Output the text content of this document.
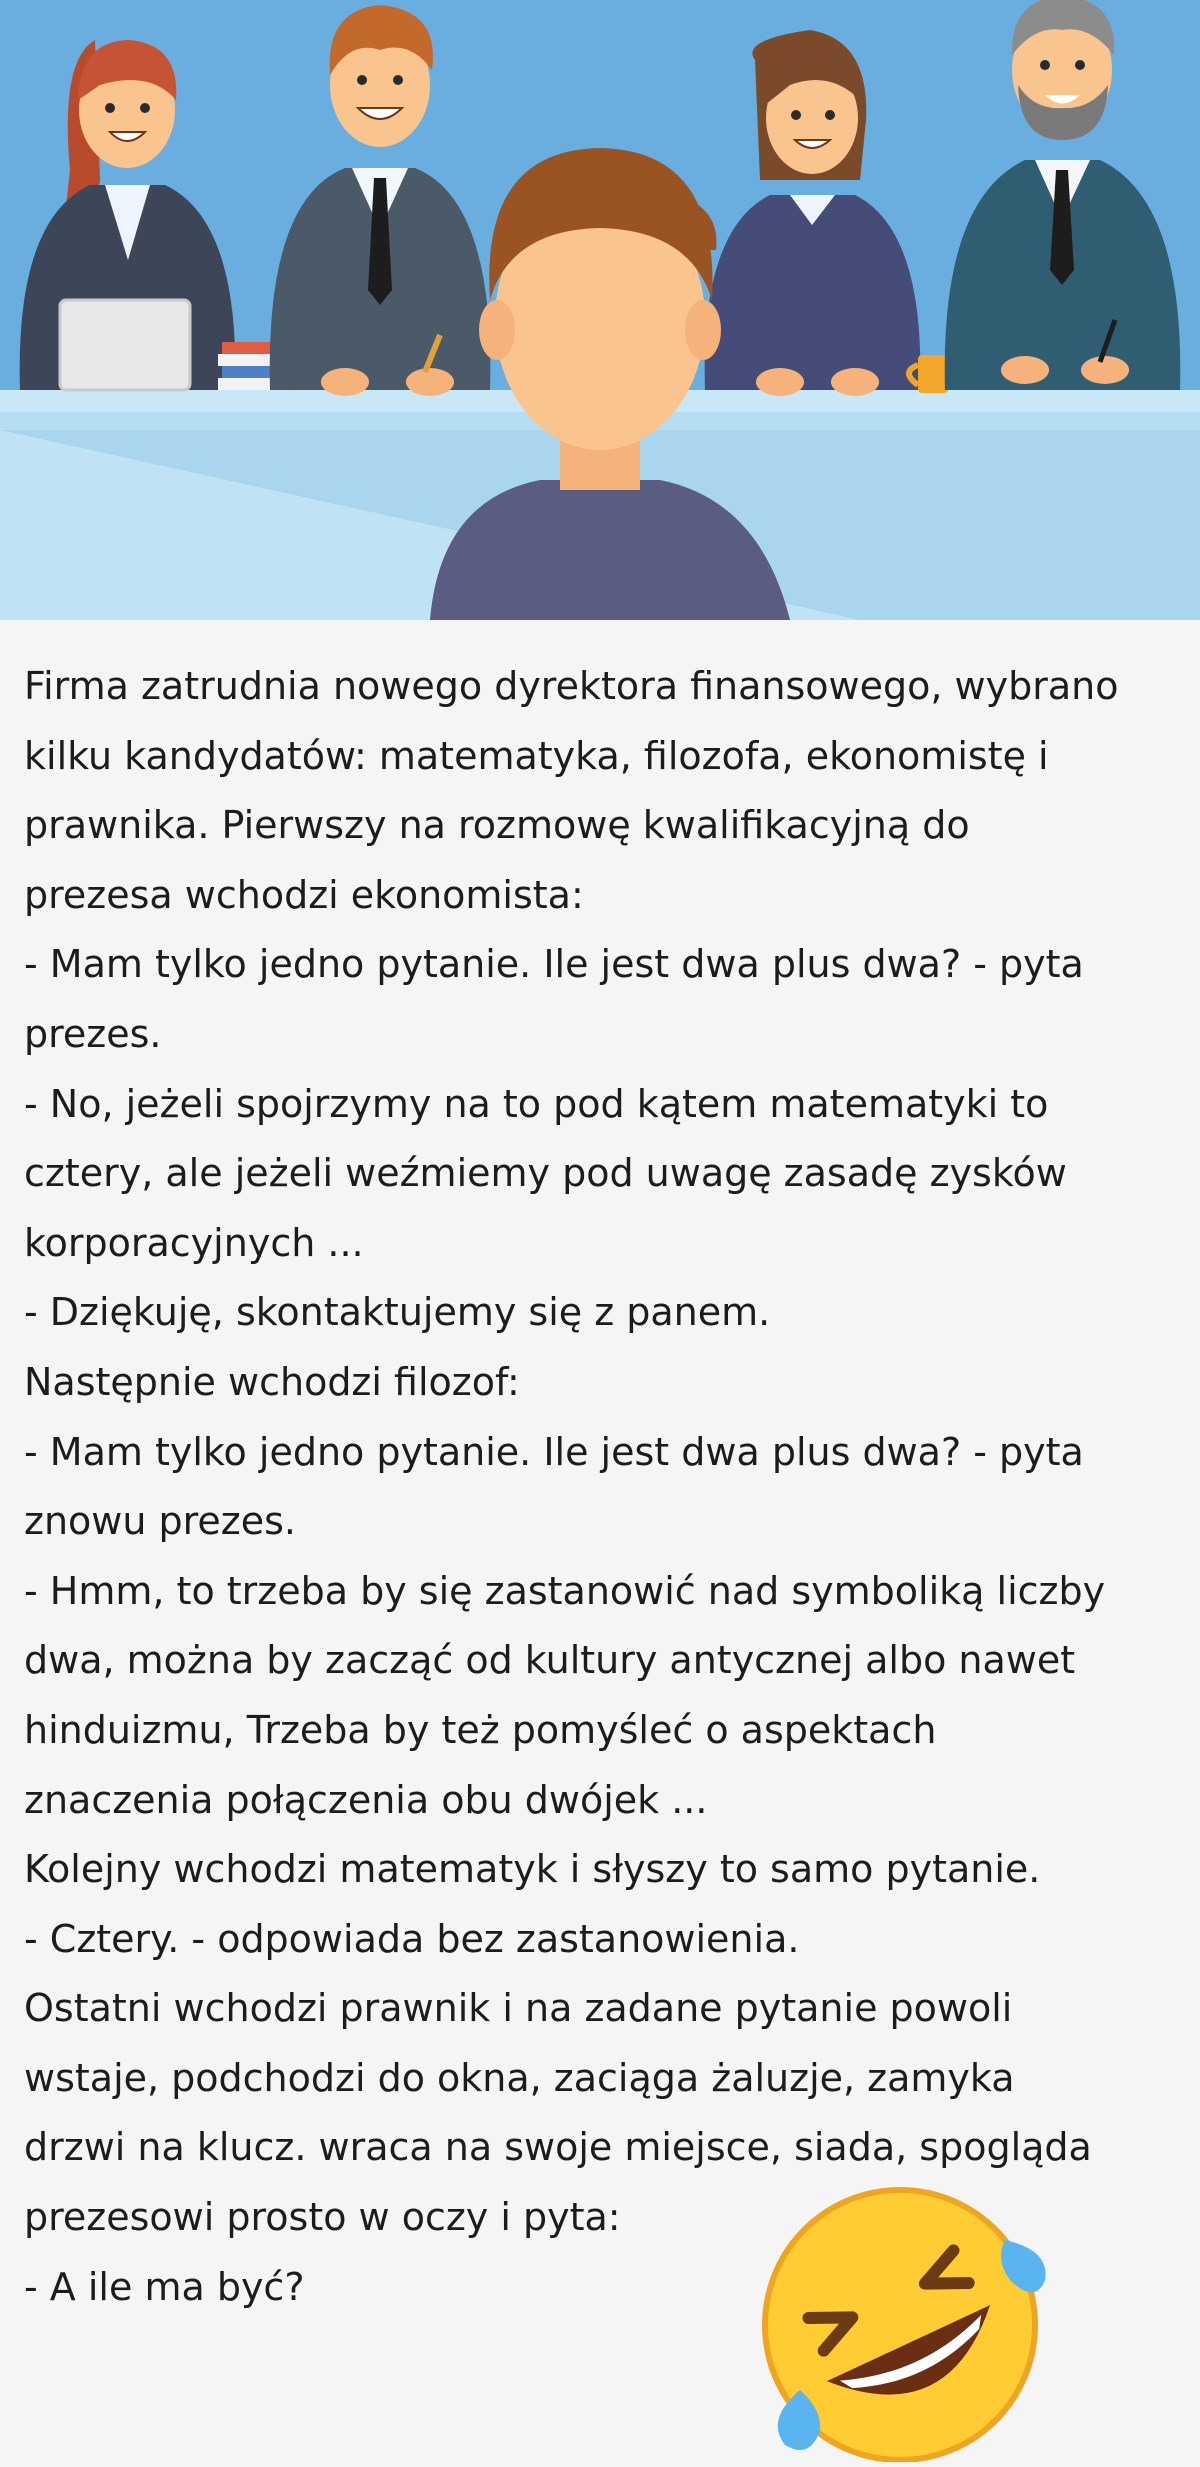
Firma zatrudnia nowego dyrektora finansowego, wybrano
kilku kandydatów: matematyka, filozofa, ekonomistę i
prawnika. Pierwszy na rozmowę kwalifikacyjną do
prezesa wchodzi ekonomista:
- Mam tylko jedno pytanie. Ile jest dwa plus dwa? - pyta
prezes.
- No, jeżeli spojrzymy na to pod kątem matematyki to
cztery, ale jeżeli weźmiemy pod uwagę zasadę zysków
korporacyjnych ...
- Dziękuję, skontaktujemy się z panem.
Następnie wchodzi filozof:
- Mam tylko jedno pytanie. Ile jest dwa plus dwa? - pyta
znowu prezes.
- Hmm, to trzeba by się zastanowić nad symboliką liczby
dwa, można by zacząć od kultury antycznej albo nawet
hinduizmu, Trzeba by też pomyśleć o aspektach
znaczenia połączenia obu dwójek ...
Kolejny wchodzi matematyk i słyszy to samo pytanie.
- Cztery. - odpowiada bez zastanowienia.
Ostatni wchodzi prawnik i na zadane pytanie powoli
wstaje, podchodzi do okna, zaciąga żaluzje, zamyka
drzwi na klucz. wraca na swoje miejsce, siada, spogląda
prezesowi prosto w oczy i pyta:
- A ile ma być?
